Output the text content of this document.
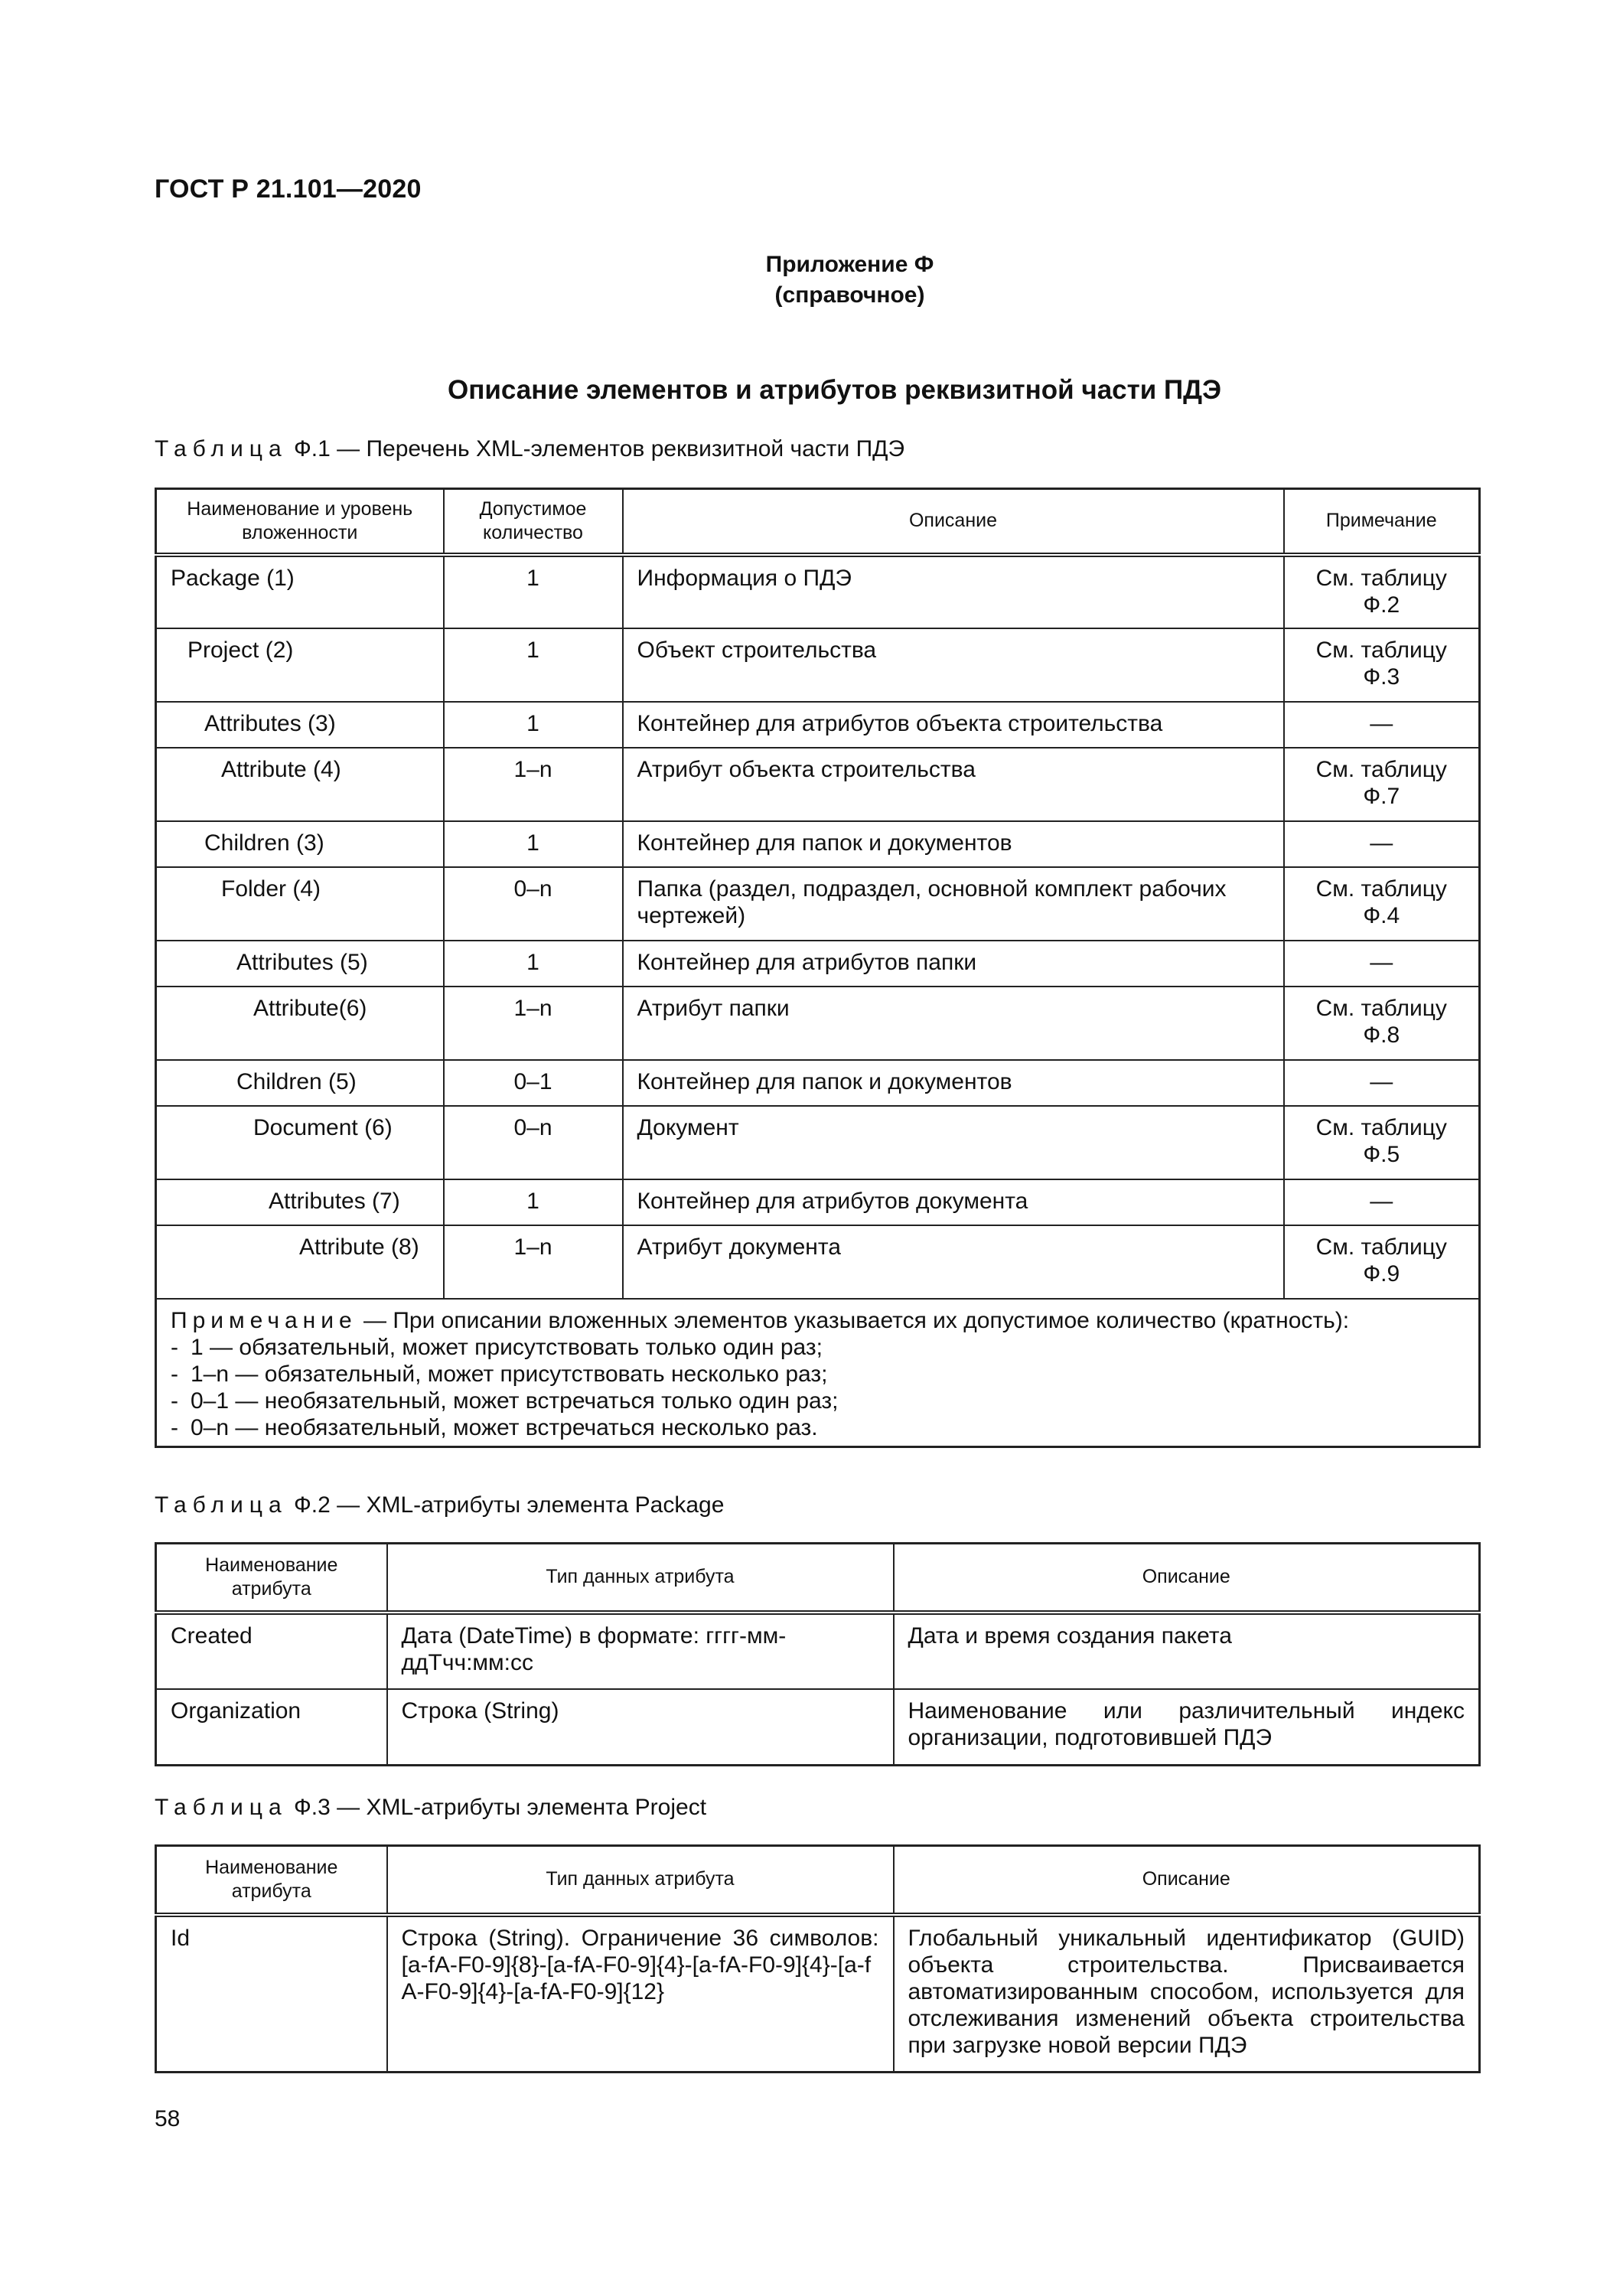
ГОСТ Р 21.101—2020
Приложение Ф
(справочное)
Описание элементов и атрибутов реквизитной части ПДЭ
Таблица Ф.1 — Перечень XML-элементов реквизитной части ПДЭ
Наименование и уровень вложенности	Допустимое количество	Описание	Примечание
Package (1)	1	Информация о ПДЭ	См. таблицу Ф.2
Project (2)	1	Объект строительства	См. таблицу Ф.3
Attributes (3)	1	Контейнер для атрибутов объекта строительства	—
Attribute (4)	1–n	Атрибут объекта строительства	См. таблицу Ф.7
Children (3)	1	Контейнер для папок и документов	—
Folder (4)	0–n	Папка (раздел, подраздел, основной комплект рабочих чертежей)	См. таблицу Ф.4
Attributes (5)	1	Контейнер для атрибутов папки	—
Attribute(6)	1–n	Атрибут папки	См. таблицу Ф.8
Children (5)	0–1	Контейнер для папок и документов	—
Document (6)	0–n	Документ	См. таблицу Ф.5
Attributes (7)	1	Контейнер для атрибутов документа	—
Attribute (8)	1–n	Атрибут документа	См. таблицу Ф.9

Примечание — При описании вложенных элементов указывается их допустимое количество (кратность):
- 1 — обязательный, может присутствовать только один раз;
- 1–n — обязательный, может присутствовать несколько раз;
- 0–1 — необязательный, может встречаться только один раз;
- 0–n — необязательный, может встречаться несколько раз.			
Таблица Ф.2 — XML-атрибуты элемента Package
Наименование атрибута	Тип данных атрибута	Описание
Created	Дата (DateTime) в формате: гггг-мм-ддТчч:мм:сс	Дата и время создания пакета
Organization	Строка (String)	Наименование или различительный индекс организации, подготовившей ПДЭ
Таблица Ф.3 — XML-атрибуты элемента Project
Наименование атрибута	Тип данных атрибута	Описание
Id	Строка (String). Ограничение 36 символов: [a-fA-F0-9]{8}-[a-fA-F0-9]{4}-[a-fA-F0-9]{4}-[a-fA-F0-9]{4}-[a-fA-F0-9]{12}	Глобальный уникальный идентификатор (GUID) объекта строительства. Присваивается автоматизированным способом, используется для отслеживания изменений объекта строительства при загрузке новой версии ПДЭ
58
